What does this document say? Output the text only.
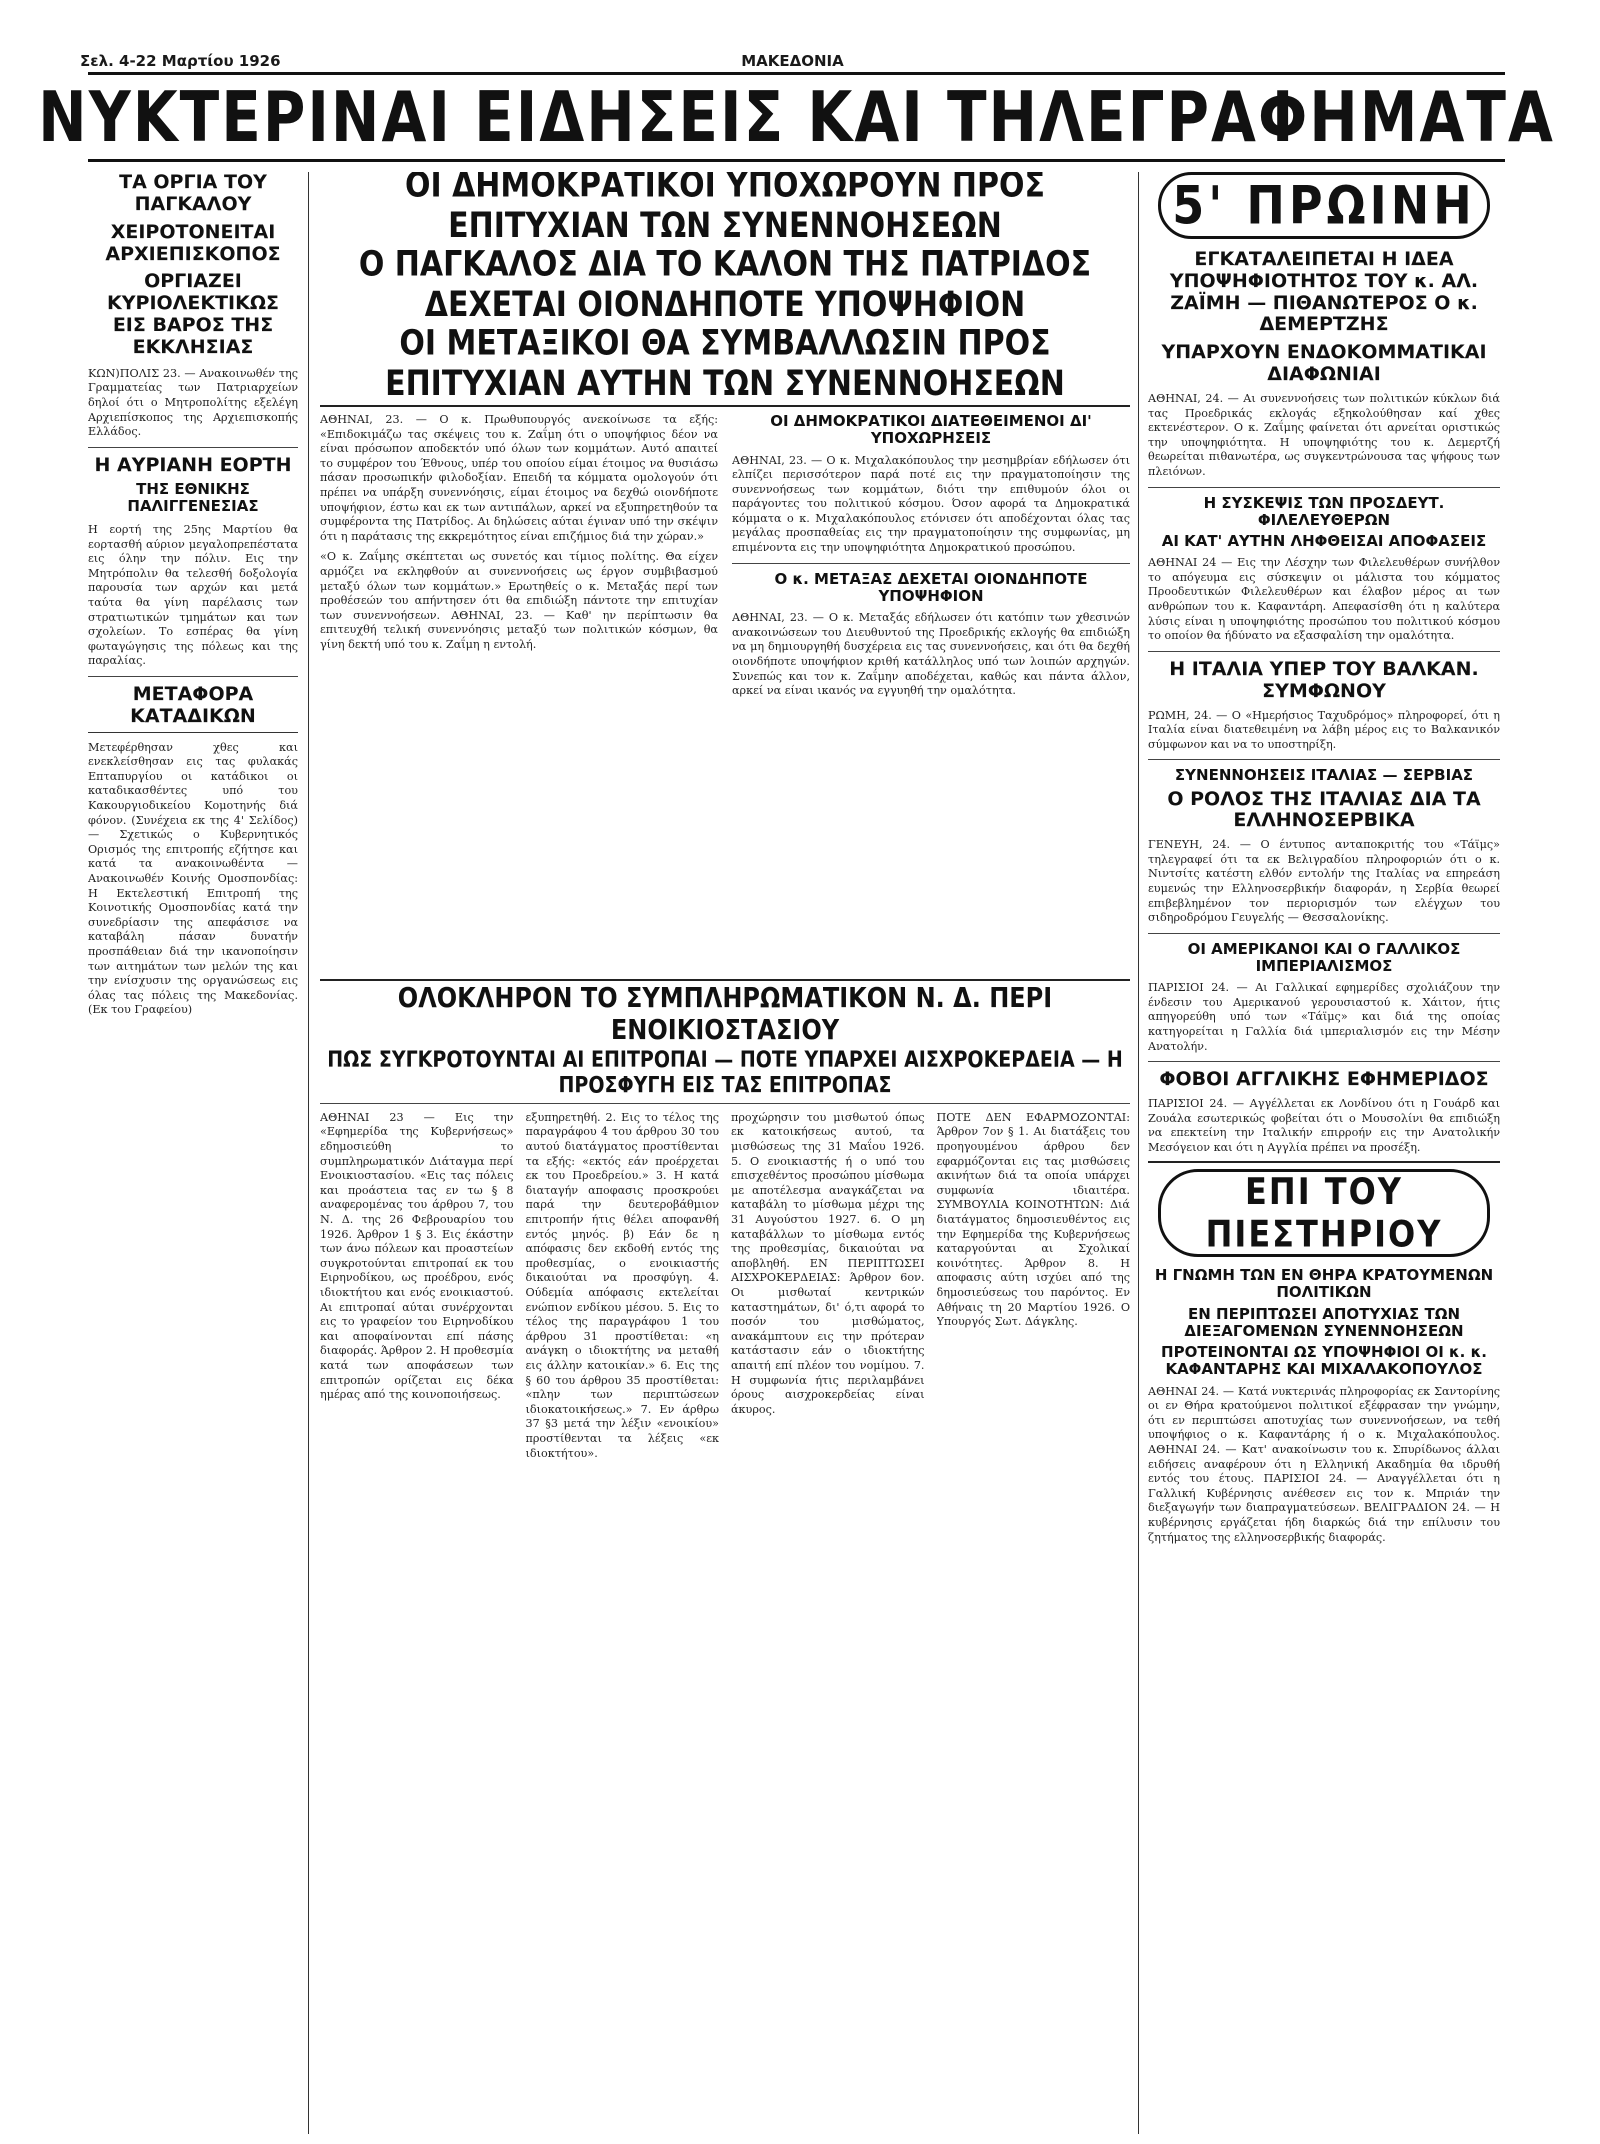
Σελ. 4-22 Μαρτίου 1926	ΜΑΚΕΔΟΝΙΑ
ΝΥΚΤΕΡΙΝΑΙ ΕΙΔΗΣΕΙΣ ΚΑΙ ΤΗΛΕΓΡΑΦΗΜΑΤΑ
ΤΑ ΟΡΓΙΑ ΤΟΥ ΠΑΓΚΑΛΟΥ
ΧΕΙΡΟΤΟΝΕΙΤΑΙ ΑΡΧΙΕΠΙΣΚΟΠΟΣ
ΟΡΓΙΑΖΕΙ ΚΥΡΙΟΛΕΚΤΙΚΩΣ ΕΙΣ ΒΑΡΟΣ ΤΗΣ ΕΚΚΛΗΣΙΑΣ
ΚΩΝ)ΠΟΛΙΣ 23. — Ανακοινωθέν της Γραμματείας των Πατριαρχείων δηλοί ότι ο Μητροπολίτης εξελέγη Αρχιεπίσκοπος της Αρχιεπισκοπής Ελλάδος.
Η ΑΥΡΙΑΝΗ ΕΟΡΤΗ
ΤΗΣ ΕΘΝΙΚΗΣ ΠΑΛΙΓΓΕΝΕΣΙΑΣ
Η εορτή της 25ης Μαρτίου θα εορτασθή αύριον μεγαλοπρεπέστατα εις όλην την πόλιν. Εις την Μητρόπολιν θα τελεσθή δοξολογία παρουσία των αρχών και μετά ταύτα θα γίνη παρέλασις των στρατιωτικών τμημάτων και των σχολείων. Το εσπέρας θα γίνη φωταγώγησις της πόλεως και της παραλίας.
ΜΕΤΑΦΟΡΑ ΚΑΤΑΔΙΚΩΝ
Μετεφέρθησαν χθες και ενεκλείσθησαν εις τας φυλακάς Επταπυργίου οι κατάδικοι οι καταδικασθέντες υπό του Κακουργιοδικείου Κομοτηνής διά φόνον. (Συνέχεια εκ της 4' Σελίδος) — Σχετικώς ο Κυβερνητικός Ορισμός της επιτροπής εζήτησε και κατά τα ανακοινωθέντα — Ανακοινωθέν Κοινής Ομοσπονδίας: Η Εκτελεστική Επιτροπή της Κοινοτικής Ομοσπονδίας κατά την συνεδρίασιν της απεφάσισε να καταβάλη πάσαν δυνατήν προσπάθειαν διά την ικανοποίησιν των αιτημάτων των μελών της και την ενίσχυσιν της οργανώσεως εις όλας τας πόλεις της Μακεδονίας. (Εκ του Γραφείου)
ΟΙ ΔΗΜΟΚΡΑΤΙΚΟΙ ΥΠΟΧΩΡΟΥΝ ΠΡΟΣ ΕΠΙΤΥΧΙΑΝ ΤΩΝ ΣΥΝΕΝΝΟΗΣΕΩΝ
Ο ΠΑΓΚΑΛΟΣ ΔΙΑ ΤΟ ΚΑΛΟΝ ΤΗΣ ΠΑΤΡΙΔΟΣ ΔΕΧΕΤΑΙ ΟΙΟΝΔΗΠΟΤΕ ΥΠΟΨΗΦΙΟΝ
ΟΙ ΜΕΤΑΞΙΚΟΙ ΘΑ ΣΥΜΒΑΛΛΩΣΙΝ ΠΡΟΣ ΕΠΙΤΥΧΙΑΝ ΑΥΤΗΝ ΤΩΝ ΣΥΝΕΝΝΟΗΣΕΩΝ
ΑΘΗΝΑΙ, 23. — Ο κ. Πρωθυπουργός ανεκοίνωσε τα εξής: «Επιδοκιμάζω τας σκέψεις του κ. Ζαΐμη ότι ο υποψήφιος δέον να είναι πρόσωπον αποδεκτόν υπό όλων των κομμάτων. Αυτό απαιτεί το συμφέρον του Έθνους, υπέρ του οποίου είμαι έτοιμος να θυσιάσω πάσαν προσωπικήν φιλοδοξίαν. Επειδή τα κόμματα ομολογούν ότι πρέπει να υπάρξη συνεννόησις, είμαι έτοιμος να δεχθώ οιονδήποτε υποψήφιον, έστω και εκ των αντιπάλων, αρκεί να εξυπηρετηθούν τα συμφέροντα της Πατρίδος. Αι δηλώσεις αύται έγιναν υπό την σκέψιν ότι η παράτασις της εκκρεμότητος είναι επιζήμιος διά την χώραν.»
«Ο κ. Ζαΐμης σκέπτεται ως συνετός και τίμιος πολίτης. Θα είχεν αρμόζει να εκληφθούν αι συνεννοήσεις ως έργον συμβιβασμού μεταξύ όλων των κομμάτων.» Ερωτηθείς ο κ. Μεταξάς περί των προθέσεών του απήντησεν ότι θα επιδιώξη πάντοτε την επιτυχίαν των συνεννοήσεων. ΑΘΗΝΑΙ, 23. — Καθ' ην περίπτωσιν θα επιτευχθή τελική συνεννόησις μεταξύ των πολιτικών κόσμων, θα γίνη δεκτή υπό του κ. Ζαΐμη η εντολή.
ΟΙ ΔΗΜΟΚΡΑΤΙΚΟΙ ΔΙΑΤΕΘΕΙΜΕΝΟΙ ΔΙ' ΥΠΟΧΩΡΗΣΕΙΣ
ΑΘΗΝΑΙ, 23. — Ο κ. Μιχαλακόπουλος την μεσημβρίαν εδήλωσεν ότι ελπίζει περισσότερον παρά ποτέ εις την πραγματοποίησιν της συνεννοήσεως των κομμάτων, διότι την επιθυμούν όλοι οι παράγοντες του πολιτικού κόσμου. Όσον αφορά τα Δημοκρατικά κόμματα ο κ. Μιχαλακόπουλος ετόνισεν ότι αποδέχονται όλας τας μεγάλας προσπαθείας εις την πραγματοποίησιν της συμφωνίας, μη επιμένοντα εις την υποψηφιότητα Δημοκρατικού προσώπου.
Ο κ. ΜΕΤΑΞΑΣ ΔΕΧΕΤΑΙ ΟΙΟΝΔΗΠΟΤΕ ΥΠΟΨΗΦΙΟΝ
ΑΘΗΝΑΙ, 23. — Ο κ. Μεταξάς εδήλωσεν ότι κατόπιν των χθεσινών ανακοινώσεων του Διευθυντού της Προεδρικής εκλογής θα επιδιώξη να μη δημιουργηθή δυσχέρεια εις τας συνεννοήσεις, και ότι θα δεχθή οιονδήποτε υποψήφιον κριθή κατάλληλος υπό των λοιπών αρχηγών. Συνεπώς και τον κ. Ζαΐμην αποδέχεται, καθώς και πάντα άλλον, αρκεί να είναι ικανός να εγγυηθή την ομαλότητα.
ΟΛΟΚΛΗΡΟΝ ΤΟ ΣΥΜΠΛΗΡΩΜΑΤΙΚΟΝ Ν. Δ. ΠΕΡΙ ΕΝΟΙΚΙΟΣΤΑΣΙΟΥ
ΠΩΣ ΣΥΓΚΡΟΤΟΥΝΤΑΙ ΑΙ ΕΠΙΤΡΟΠΑΙ — ΠΟΤΕ ΥΠΑΡΧΕΙ ΑΙΣΧΡΟΚΕΡΔΕΙΑ — Η ΠΡΟΣΦΥΓΗ ΕΙΣ ΤΑΣ ΕΠΙΤΡΟΠΑΣ
ΑΘΗΝΑΙ 23 — Εις την «Εφημερίδα της Κυβερνήσεως» εδημοσιεύθη το συμπληρωματικόν Διάταγμα περί Ενοικιοστασίου. «Εις τας πόλεις και προάστεια τας εν τω § 8 αναφερομένας του άρθρου 7, του Ν. Δ. της 26 Φεβρουαρίου του 1926. Άρθρον 1 § 3. Εις έκάστην των άνω πόλεων και προαστείων συγκροτούνται επιτροπαί εκ του Ειρηνοδίκου, ως προέδρου, ενός ιδιοκτήτου και ενός ενοικιαστού. Αι επιτροπαί αύται συνέρχονται εις το γραφείον του Ειρηνοδίκου και αποφαίνονται επί πάσης διαφοράς. Άρθρον 2. Η προθεσμία κατά των αποφάσεων των επιτροπών ορίζεται εις δέκα ημέρας από της κοινοποιήσεως.
εξυπηρετηθή. 2. Εις το τέλος της παραγράφου 4 του άρθρου 30 του αυτού διατάγματος προστίθενται τα εξής: «εκτός εάν προέρχεται εκ του Προεδρείου.» 3. Η κατά διαταγήν αποφασις προσκρούει παρά την δευτεροβάθμιον επιτροπήν ήτις θέλει αποφανθή εντός μηνός. β) Εάν δε η απόφασις δεν εκδοθή εντός της προθεσμίας, ο ενοικιαστής δικαιούται να προσφύγη. 4. Ούδεμία απόφασις εκτελείται ενώπιον ενδίκου μέσου. 5. Εις το τέλος της παραγράφου 1 του άρθρου 31 προστίθεται: «η ανάγκη ο ιδιοκτήτης να μεταθή εις άλλην κατοικίαν.» 6. Εις της § 60 του άρθρου 35 προστίθεται: «πλην των περιπτώσεων ιδιοκατοικήσεως.» 7. Εν άρθρω 37 §3 μετά την λέξιν «ενοικίου» προστίθενται τα λέξεις «εκ ιδιοκτήτου».
προχώρησιν του μισθωτού όπως εκ κατοικήσεως αυτού, τα μισθώσεως της 31 Μαΐου 1926. 5. Ο ενοικιαστής ή ο υπό του επισχεθέντος προσώπου μίσθωμα με αποτέλεσμα αναγκάζεται να καταβάλη το μίσθωμα μέχρι της 31 Αυγούστου 1927. 6. Ο μη καταβάλλων το μίσθωμα εντός της προθεσμίας, δικαιούται να αποβληθή. ΕΝ ΠΕΡΙΠΤΩΣΕΙ ΑΙΣΧΡΟΚΕΡΔΕΙΑΣ: Άρθρον 6ον. Οι μισθωταί κεντρικών καταστημάτων, δι' ό,τι αφορά το ποσόν του μισθώματος, ανακάμπτουν εις την πρότεραν κατάστασιν εάν ο ιδιοκτήτης απαιτή επί πλέον του νομίμου. 7. Η συμφωνία ήτις περιλαμβάνει όρους αισχροκερδείας είναι άκυρος.
ΠΟΤΕ ΔΕΝ ΕΦΑΡΜΟΖΟΝΤΑΙ: Άρθρον 7ον § 1. Αι διατάξεις του προηγουμένου άρθρου δεν εφαρμόζονται εις τας μισθώσεις ακινήτων διά τα οποία υπάρχει συμφωνία ιδιαιτέρα. ΣΥΜΒΟΥΛΙΑ ΚΟΙΝΟΤΗΤΩΝ: Διά διατάγματος δημοσιευθέντος εις την Εφημερίδα της Κυβερνήσεως καταργούνται αι Σχολικαί κοινότητες. Άρθρον 8. Η αποφασις αύτη ισχύει από της δημοσιεύσεως του παρόντος. Εν Αθήναις τη 20 Μαρτίου 1926. Ο Υπουργός Σωτ. Δάγκλης.
5' ΠΡΩΙΝΗ
ΕΓΚΑΤΑΛΕΙΠΕΤΑΙ Η ΙΔΕΑ ΥΠΟΨΗΦΙΟΤΗΤΟΣ ΤΟΥ κ. ΑΛ. ΖΑΪΜΗ — ΠΙΘΑΝΩΤΕΡΟΣ Ο κ. ΔΕΜΕΡΤΖΗΣ
ΥΠΑΡΧΟΥΝ ΕΝΔΟΚΟΜΜΑΤΙΚΑΙ ΔΙΑΦΩΝΙΑΙ
ΑΘΗΝΑΙ, 24. — Αι συνεννοήσεις των πολιτικών κύκλων διά τας Προεδρικάς εκλογάς εξηκολούθησαν καί χθες εκτενέστερον. Ο κ. Ζαΐμης φαίνεται ότι αρνείται οριστικώς την υποψηφιότητα. Η υποψηφιότης του κ. Δεμερτζή θεωρείται πιθανωτέρα, ως συγκεντρώνουσα τας ψήφους των πλειόνων.
Η ΣΥΣΚΕΨΙΣ ΤΩΝ ΠΡΟΣΔΕΥΤ. ΦΙΛΕΛΕΥΘΕΡΩΝ
ΑΙ ΚΑΤ' ΑΥΤΗΝ ΛΗΦΘΕΙΣΑΙ ΑΠΟΦΑΣΕΙΣ
ΑΘΗΝΑΙ 24 — Εις την Λέσχην των Φιλελευθέρων συνήλθον το απόγευμα εις σύσκεψιν οι μάλιστα του κόμματος Προοδευτικών Φιλελευθέρων και έλαβον μέρος αι των ανθρώπων του κ. Καφαντάρη. Απεφασίσθη ότι η καλύτερα λύσις είναι η υποψηφιότης προσώπου του πολιτικού κόσμου το οποίον θα ήδύνατο να εξασφαλίση την ομαλότητα.
Η ΙΤΑΛΙΑ ΥΠΕΡ ΤΟΥ ΒΑΛΚΑΝ. ΣΥΜΦΩΝΟΥ
ΡΩΜΗ, 24. — Ο «Ημερήσιος Ταχυδρόμος» πληροφορεί, ότι η Ιταλία είναι διατεθειμένη να λάβη μέρος εις το Βαλκανικόν σύμφωνον και να το υποστηρίξη.
ΣΥΝΕΝΝΟΗΣΕΙΣ ΙΤΑΛΙΑΣ — ΣΕΡΒΙΑΣ
Ο ΡΟΛΟΣ ΤΗΣ ΙΤΑΛΙΑΣ ΔΙΑ ΤΑ ΕΛΛΗΝΟΣΕΡΒΙΚΑ
ΓΕΝΕΥΗ, 24. — Ο έντυπος ανταποκριτής του «Τάϊμς» τηλεγραφεί ότι τα εκ Βελιγραδίου πληροφοριών ότι ο κ. Νιντσίτς κατέστη ελθόν εντολήν της Ιταλίας να επηρεάση ευμενώς την Ελληνοσερβικήν διαφοράν, η Σερβία θεωρεί επιβεβλημένον τον περιορισμόν των ελέγχων του σιδηροδρόμου Γευγελής — Θεσσαλονίκης.
ΟΙ ΑΜΕΡΙΚΑΝΟΙ ΚΑΙ Ο ΓΑΛΛΙΚΟΣ ΙΜΠΕΡΙΑΛΙΣΜΟΣ
ΠΑΡΙΣΙΟΙ 24. — Αι Γαλλικαί εφημερίδες σχολιάζουν την ένδεσιν του Αμερικανού γερουσιαστού κ. Χάιτον, ήτις απηγορεύθη υπό των «Τάϊμς» και διά της οποίας κατηγορείται η Γαλλία διά ιμπεριαλισμόν εις την Μέσην Ανατολήν.
ΦΟΒΟΙ ΑΓΓΛΙΚΗΣ ΕΦΗΜΕΡΙΔΟΣ
ΠΑΡΙΣΙΟΙ 24. — Αγγέλλεται εκ Λονδίνου ότι η Γουάρδ και Ζουάλα εσωτερικώς φοβείται ότι ο Μουσολίνι θα επιδιώξη να επεκτείνη την Ιταλικήν επιρροήν εις την Ανατολικήν Μεσόγειον και ότι η Αγγλία πρέπει να προσέξη.
ΕΠΙ ΤΟΥ ΠΙΕΣΤΗΡΙΟΥ
Η ΓΝΩΜΗ ΤΩΝ ΕΝ ΘΗΡΑ ΚΡΑΤΟΥΜΕΝΩΝ ΠΟΛΙΤΙΚΩΝ
ΕΝ ΠΕΡΙΠΤΩΣΕΙ ΑΠΟΤΥΧΙΑΣ ΤΩΝ ΔΙΕΞΑΓΟΜΕΝΩΝ ΣΥΝΕΝΝΟΗΣΕΩΝ
ΠΡΟΤΕΙΝΟΝΤΑΙ ΩΣ ΥΠΟΨΗΦΙΟΙ ΟΙ κ. κ. ΚΑΦΑΝΤΑΡΗΣ ΚΑΙ ΜΙΧΑΛΑΚΟΠΟΥΛΟΣ
ΑΘΗΝΑΙ 24. — Κατά νυκτερινάς πληροφορίας εκ Σαντορίνης οι εν Θήρα κρατούμενοι πολιτικοί εξέφρασαν την γνώμην, ότι εν περιπτώσει αποτυχίας των συνεννοήσεων, να τεθή υποψήφιος ο κ. Καφαντάρης ή ο κ. Μιχαλακόπουλος. ΑΘΗΝΑΙ 24. — Κατ' ανακοίνωσιν του κ. Σπυρίδωνος άλλαι ειδήσεις αναφέρουν ότι η Ελληνική Ακαδημία θα ιδρυθή εντός του έτους. ΠΑΡΙΣΙΟΙ 24. — Αναγγέλλεται ότι η Γαλλική Κυβέρνησις ανέθεσεν εις τον κ. Μπριάν την διεξαγωγήν των διαπραγματεύσεων. ΒΕΛΙΓΡΑΔΙΟΝ 24. — Η κυβέρνησις εργάζεται ήδη διαρκώς διά την επίλυσιν του ζητήματος της ελληνοσερβικής διαφοράς.
